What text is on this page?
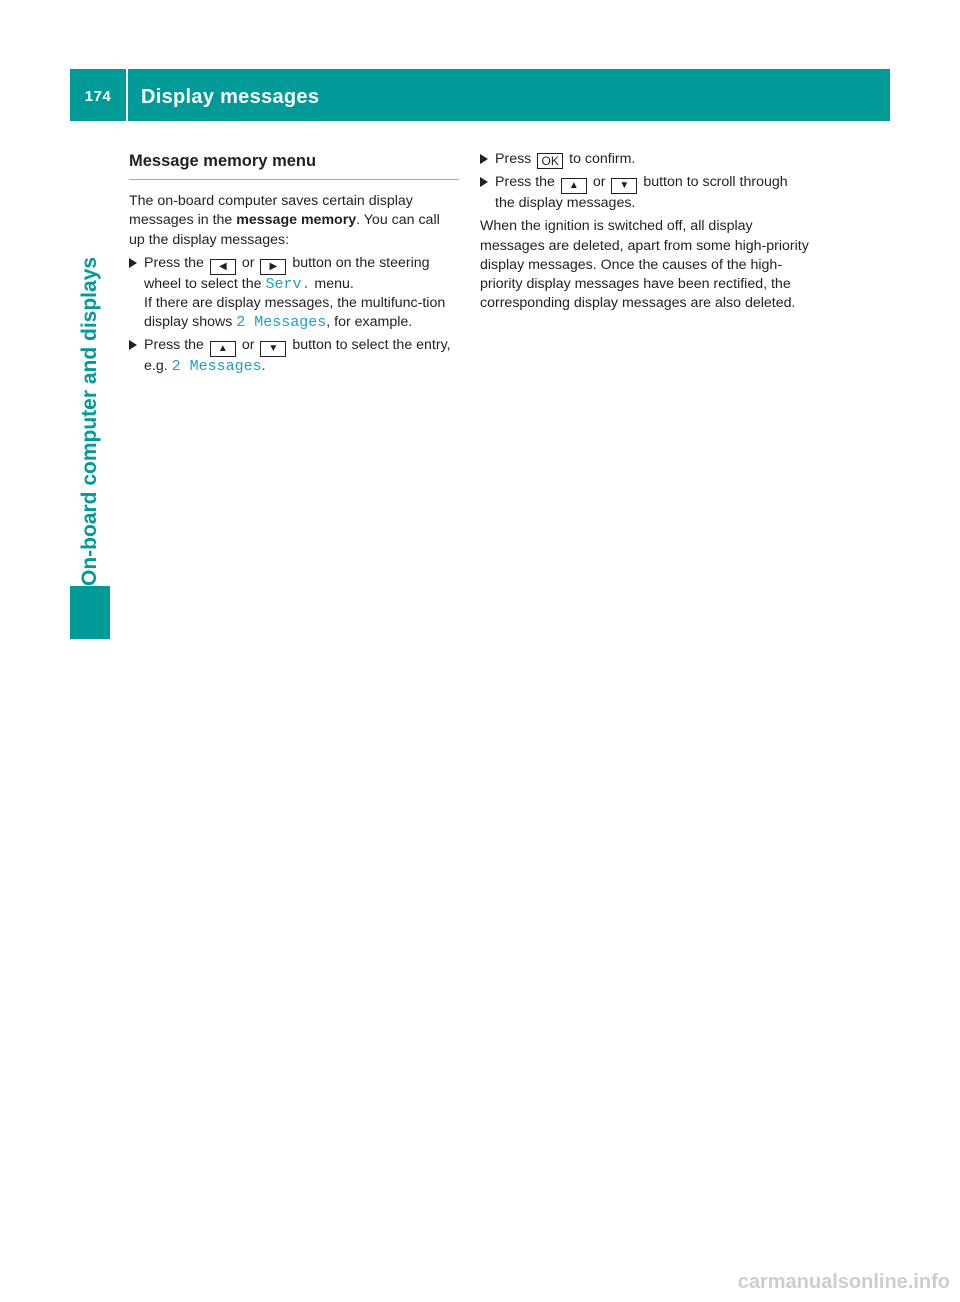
174	Display messages
On-board computer and displays
Message memory menu

The on-board computer saves certain display messages in the message memory. You can call up the display messages:

Press the ◀ or ▶ button on the steering wheel to select the Serv. menu.
If there are display messages, the multifunc-tion display shows 2 Messages, for example.
Press the ▲ or ▼ button to select the entry, e.g. 2 Messages.
Press OK to confirm.
Press the ▲ or ▼ button to scroll through the display messages.

When the ignition is switched off, all display messages are deleted, apart from some high-priority display messages. Once the causes of the high-priority display messages have been rectified, the corresponding display messages are also deleted.

carmanualsonline.info
